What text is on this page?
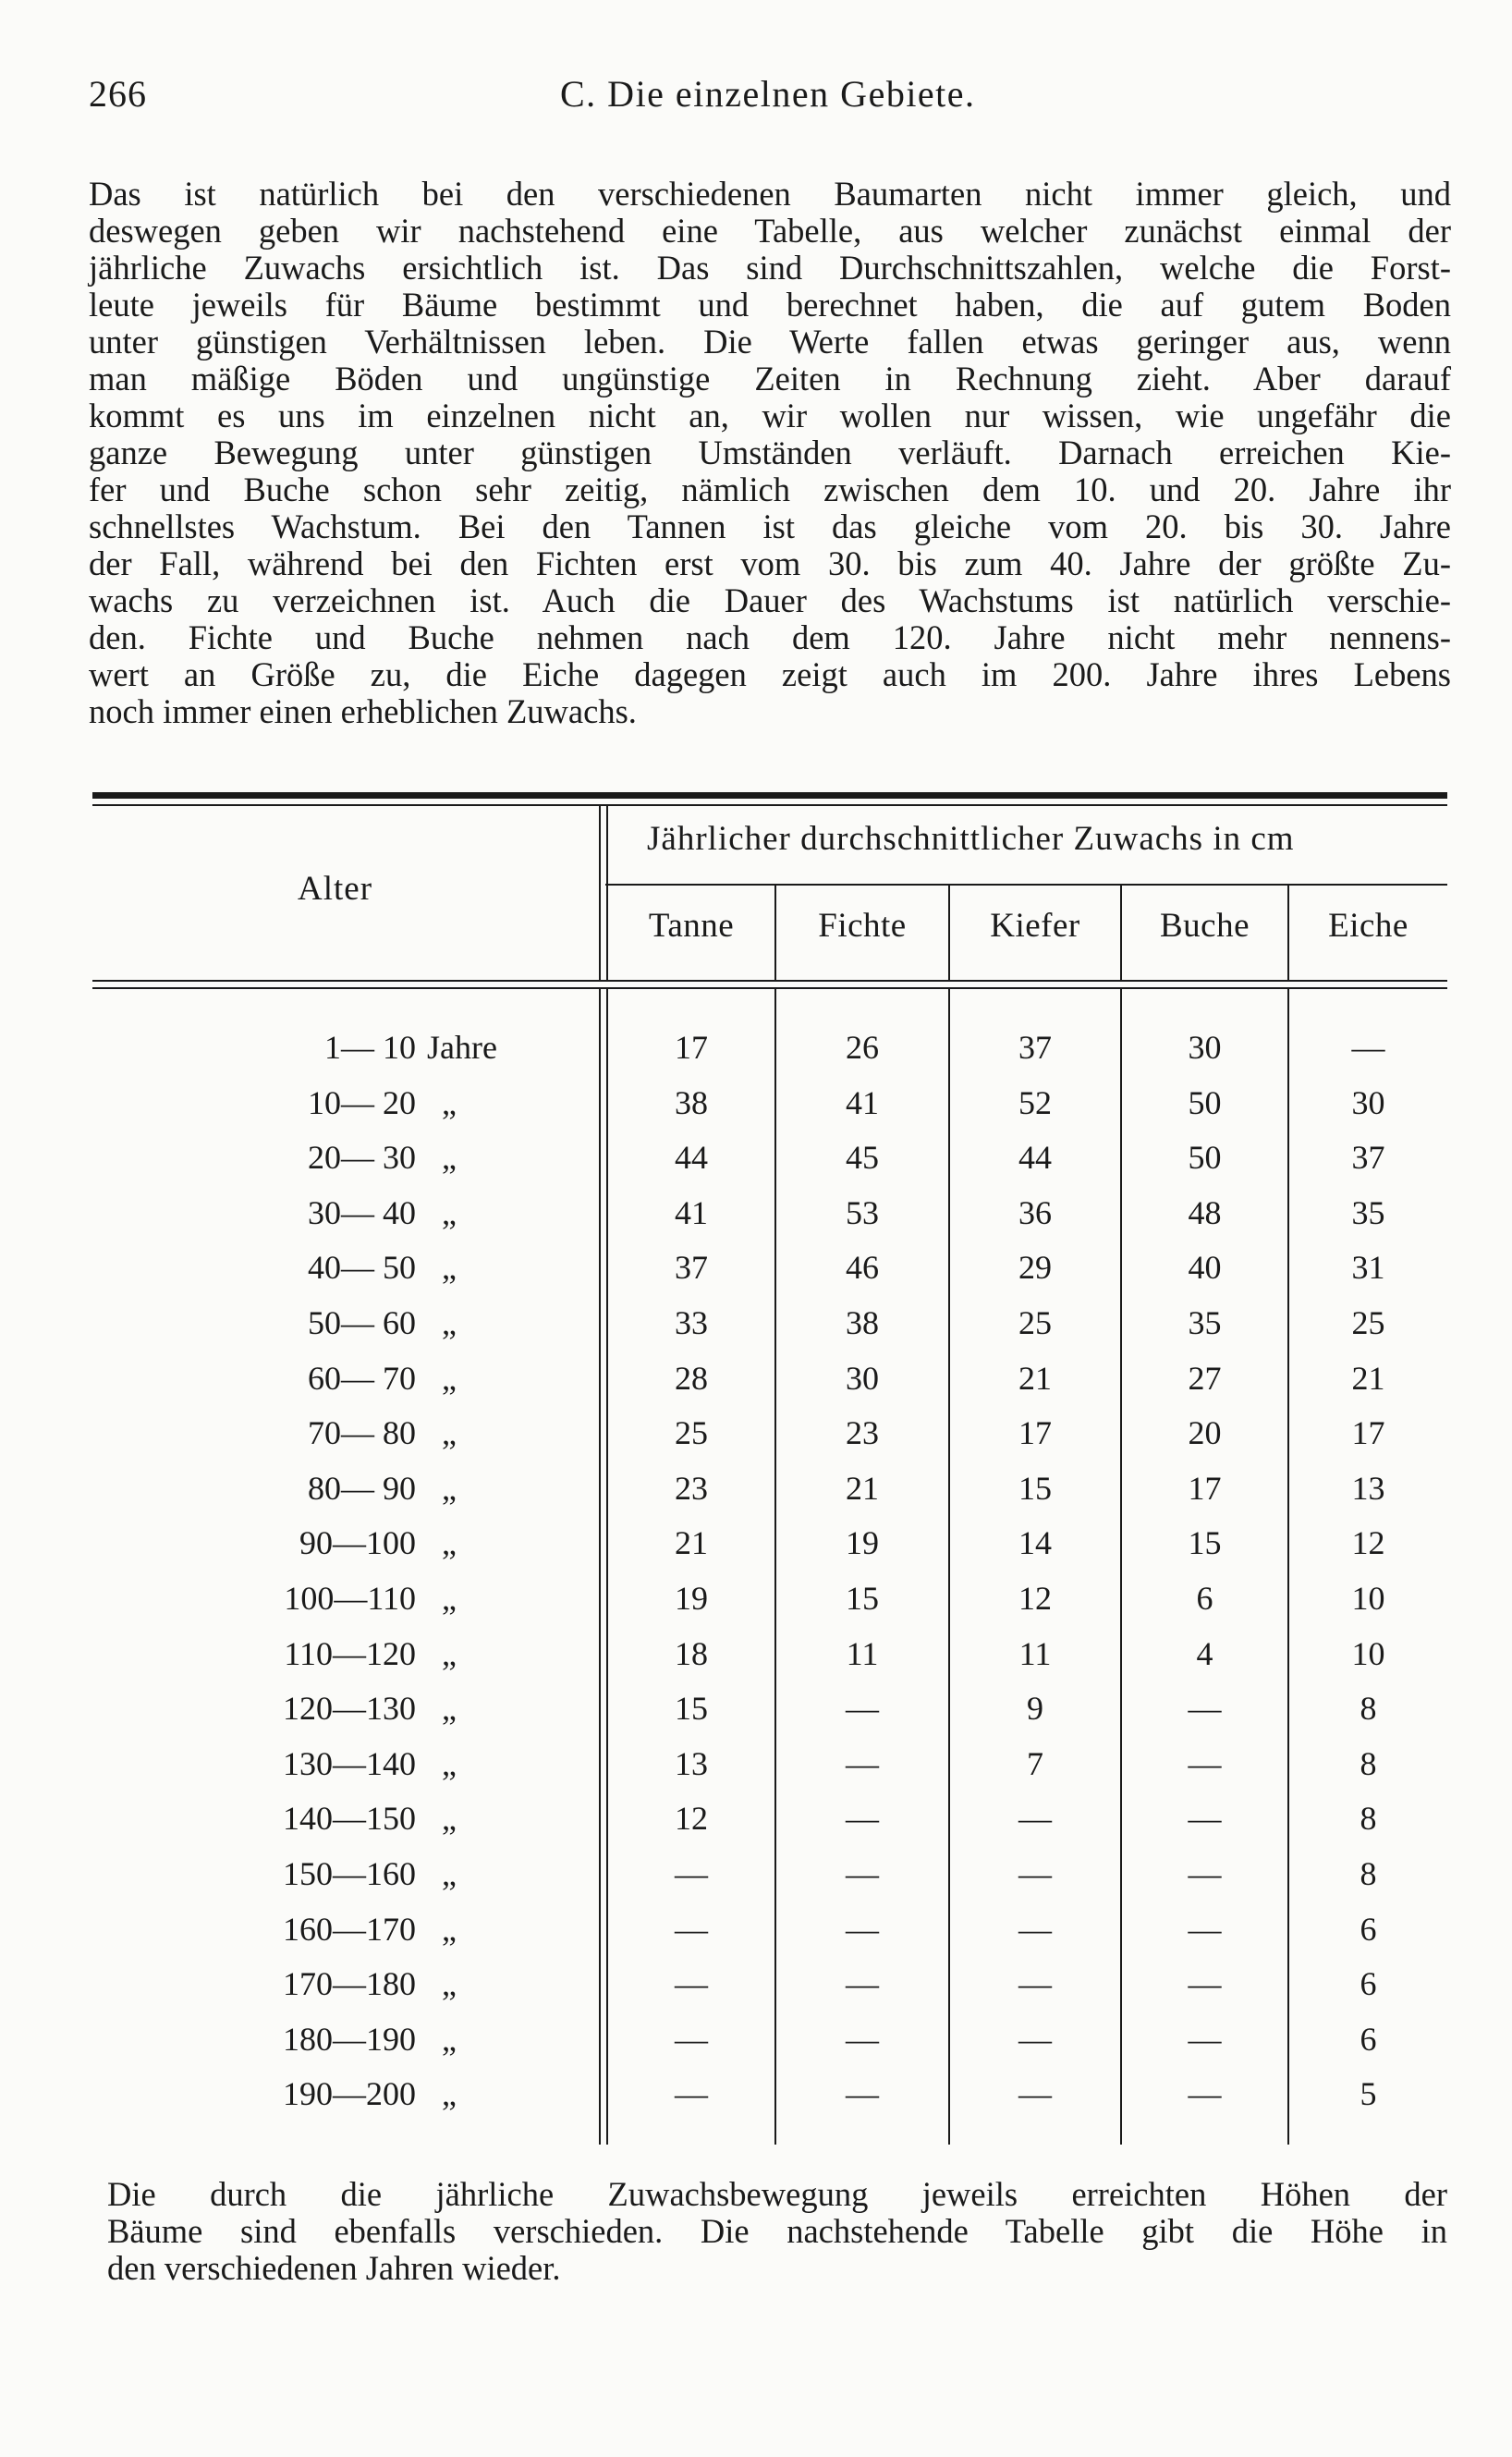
266	C. Die einzelnen Gebiete.
Das ist natürlich bei den verschiedenen Baumarten nicht immer gleich, und
deswegen geben wir nachstehend eine Tabelle, aus welcher zunächst einmal der
jährliche Zuwachs ersichtlich ist. Das sind Durchschnittszahlen, welche die Forst-
leute jeweils für Bäume bestimmt und berechnet haben, die auf gutem Boden
unter günstigen Verhältnissen leben. Die Werte fallen etwas geringer aus, wenn
man mäßige Böden und ungünstige Zeiten in Rechnung zieht. Aber darauf
kommt es uns im einzelnen nicht an, wir wollen nur wissen, wie ungefähr die
ganze Bewegung unter günstigen Umständen verläuft. Darnach erreichen Kie-
fer und Buche schon sehr zeitig, nämlich zwischen dem 10. und 20. Jahre ihr
schnellstes Wachstum. Bei den Tannen ist das gleiche vom 20. bis 30. Jahre
der Fall, während bei den Fichten erst vom 30. bis zum 40. Jahre der größte Zu-
wachs zu verzeichnen ist. Auch die Dauer des Wachstums ist natürlich verschie-
den. Fichte und Buche nehmen nach dem 120. Jahre nicht mehr nennens-
wert an Größe zu, die Eiche dagegen zeigt auch im 200. Jahre ihres Lebens
noch immer einen erheblichen Zuwachs.
Alter
Jährlicher durchschnittlicher Zuwachs in cm
Tanne	Fichte	Kiefer	Buche	Eiche
1— 10 Jahre	17	26	37	30	—
10— 20 „	38	41	52	50	30
20— 30 „	44	45	44	50	37
30— 40 „	41	53	36	48	35
40— 50 „	37	46	29	40	31
50— 60 „	33	38	25	35	25
60— 70 „	28	30	21	27	21
70— 80 „	25	23	17	20	17
80— 90 „	23	21	15	17	13
90—100 „	21	19	14	15	12
100—110 „	19	15	12	6	10
110—120 „	18	11	11	4	10
120—130 „	15	—	9	—	8
130—140 „	13	—	7	—	8
140—150 „	12	—	—	—	8
150—160 „	—	—	—	—	8
160—170 „	—	—	—	—	6
170—180 „	—	—	—	—	6
180—190 „	—	—	—	—	6
190—200 „	—	—	—	—	5
Die durch die jährliche Zuwachsbewegung jeweils erreichten Höhen der
Bäume sind ebenfalls verschieden. Die nachstehende Tabelle gibt die Höhe in
den verschiedenen Jahren wieder.
